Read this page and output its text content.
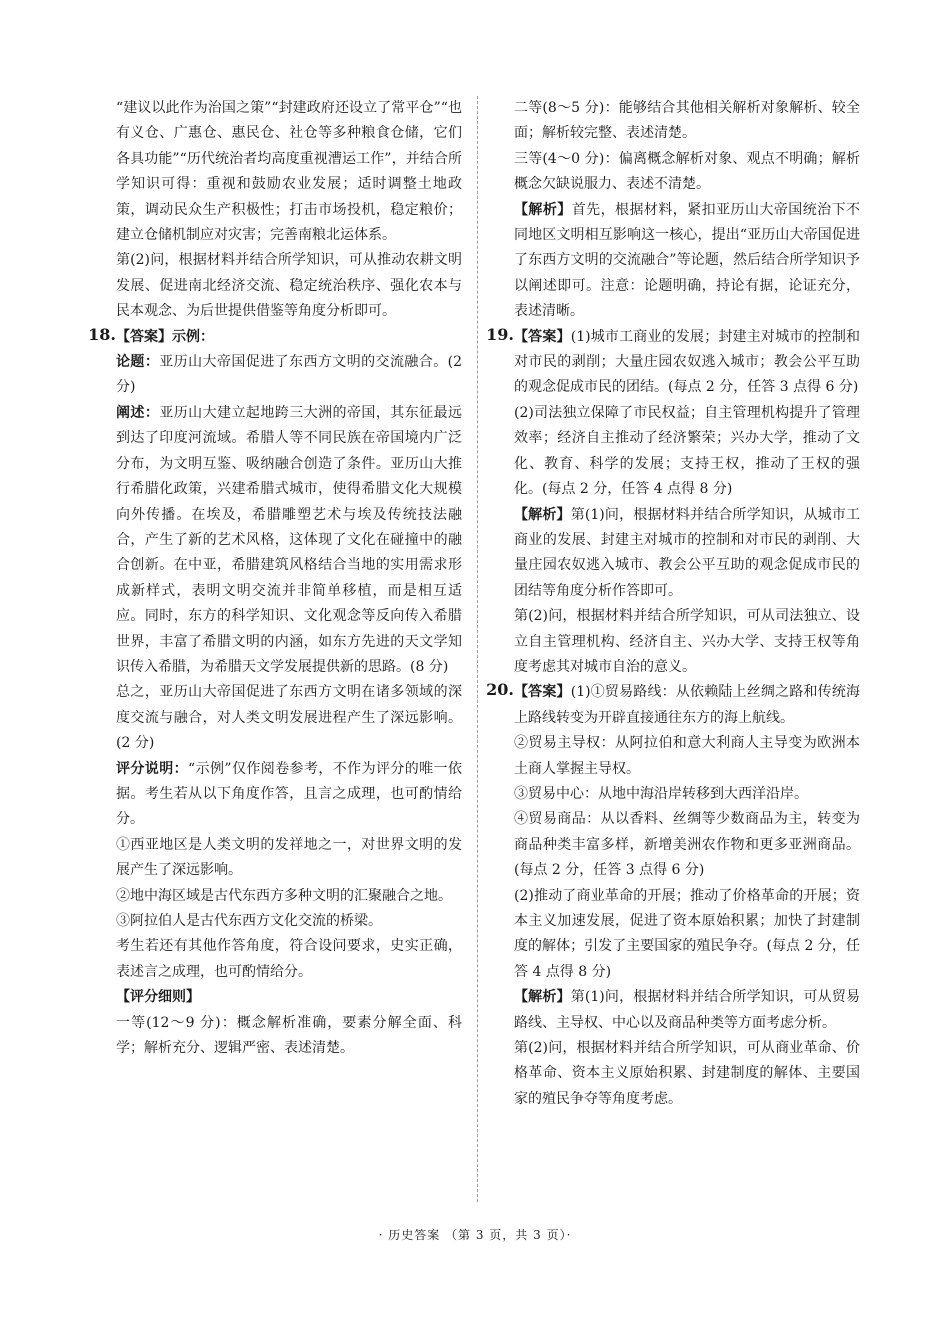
“建议以此作为治国之策”“封建政府还设立了常平仓”“也有义仓、广惠仓、惠民仓、社仓等多种粮食仓储，它们各具功能”“历代统治者均高度重视漕运工作”，并结合所学知识可得：重视和鼓励农业发展；适时调整土地政策，调动民众生产积极性；打击市场投机，稳定粮价；建立仓储机制应对灾害；完善南粮北运体系。

第(2)问，根据材料并结合所学知识，可从推动农耕文明发展、促进南北经济交流、稳定统治秩序、强化农本与民本观念、为后世提供借鉴等角度分析即可。

18. 【答案】示例：

论题：亚历山大帝国促进了东西方文明的交流融合。(2 分)

阐述：亚历山大建立起地跨三大洲的帝国，其东征最远到达了印度河流域。希腊人等不同民族在帝国境内广泛分布，为文明互鉴、吸纳融合创造了条件。亚历山大推行希腊化政策，兴建希腊式城市，使得希腊文化大规模向外传播。在埃及，希腊雕塑艺术与埃及传统技法融合，产生了新的艺术风格，这体现了文化在碰撞中的融合创新。在中亚，希腊建筑风格结合当地的实用需求形成新样式，表明文明交流并非简单移植，而是相互适应。同时，东方的科学知识、文化观念等反向传入希腊世界，丰富了希腊文明的内涵，如东方先进的天文学知识传入希腊，为希腊天文学发展提供新的思路。(8 分)

总之，亚历山大帝国促进了东西方文明在诸多领域的深度交流与融合，对人类文明发展进程产生了深远影响。(2 分)

评分说明：“示例”仅作阅卷参考，不作为评分的唯一依据。考生若从以下角度作答，且言之成理，也可酌情给分。

①西亚地区是人类文明的发祥地之一，对世界文明的发展产生了深远影响。

②地中海区域是古代东西方多种文明的汇聚融合之地。

③阿拉伯人是古代东西方文化交流的桥梁。

考生若还有其他作答角度，符合设问要求，史实正确，表述言之成理，也可酌情给分。

【评分细则】

一等(12～9 分)：概念解析准确，要素分解全面、科学；解析充分、逻辑严密、表述清楚。

二等(8～5 分)：能够结合其他相关解析对象解析、较全面；解析较完整、表述清楚。

三等(4～0 分)：偏离概念解析对象、观点不明确；解析概念欠缺说服力、表述不清楚。

【解析】首先，根据材料，紧扣亚历山大帝国统治下不同地区文明相互影响这一核心，提出“亚历山大帝国促进了东西方文明的交流融合”等论题，然后结合所学知识予以阐述即可。注意：论题明确，持论有据，论证充分，表述清晰。

19. 【答案】(1)城市工商业的发展；封建主对城市的控制和对市民的剥削；大量庄园农奴逃入城市；教会公平互助的观念促成市民的团结。(每点 2 分，任答 3 点得 6 分)

(2)司法独立保障了市民权益；自主管理机构提升了管理效率；经济自主推动了经济繁荣；兴办大学，推动了文化、教育、科学的发展；支持王权，推动了王权的强化。(每点 2 分，任答 4 点得 8 分)

【解析】第(1)问，根据材料并结合所学知识，从城市工商业的发展、封建主对城市的控制和对市民的剥削、大量庄园农奴逃入城市、教会公平互助的观念促成市民的团结等角度分析作答即可。

第(2)问，根据材料并结合所学知识，可从司法独立、设立自主管理机构、经济自主、兴办大学、支持王权等角度考虑其对城市自治的意义。

20. 【答案】(1)①贸易路线：从依赖陆上丝绸之路和传统海上路线转变为开辟直接通往东方的海上航线。

②贸易主导权：从阿拉伯和意大利商人主导变为欧洲本土商人掌握主导权。

③贸易中心：从地中海沿岸转移到大西洋沿岸。

④贸易商品：从以香料、丝绸等少数商品为主，转变为商品种类丰富多样，新增美洲农作物和更多亚洲商品。(每点 2 分，任答 3 点得 6 分)

(2)推动了商业革命的开展；推动了价格革命的开展；资本主义加速发展，促进了资本原始积累；加快了封建制度的解体；引发了主要国家的殖民争夺。(每点 2 分，任答 4 点得 8 分)

【解析】第(1)问，根据材料并结合所学知识，可从贸易路线、主导权、中心以及商品种类等方面考虑分析。

第(2)问，根据材料并结合所学知识，可从商业革命、价格革命、资本主义原始积累、封建制度的解体、主要国家的殖民争夺等角度考虑。

· 历史答案 （第 3 页，共 3 页）·
